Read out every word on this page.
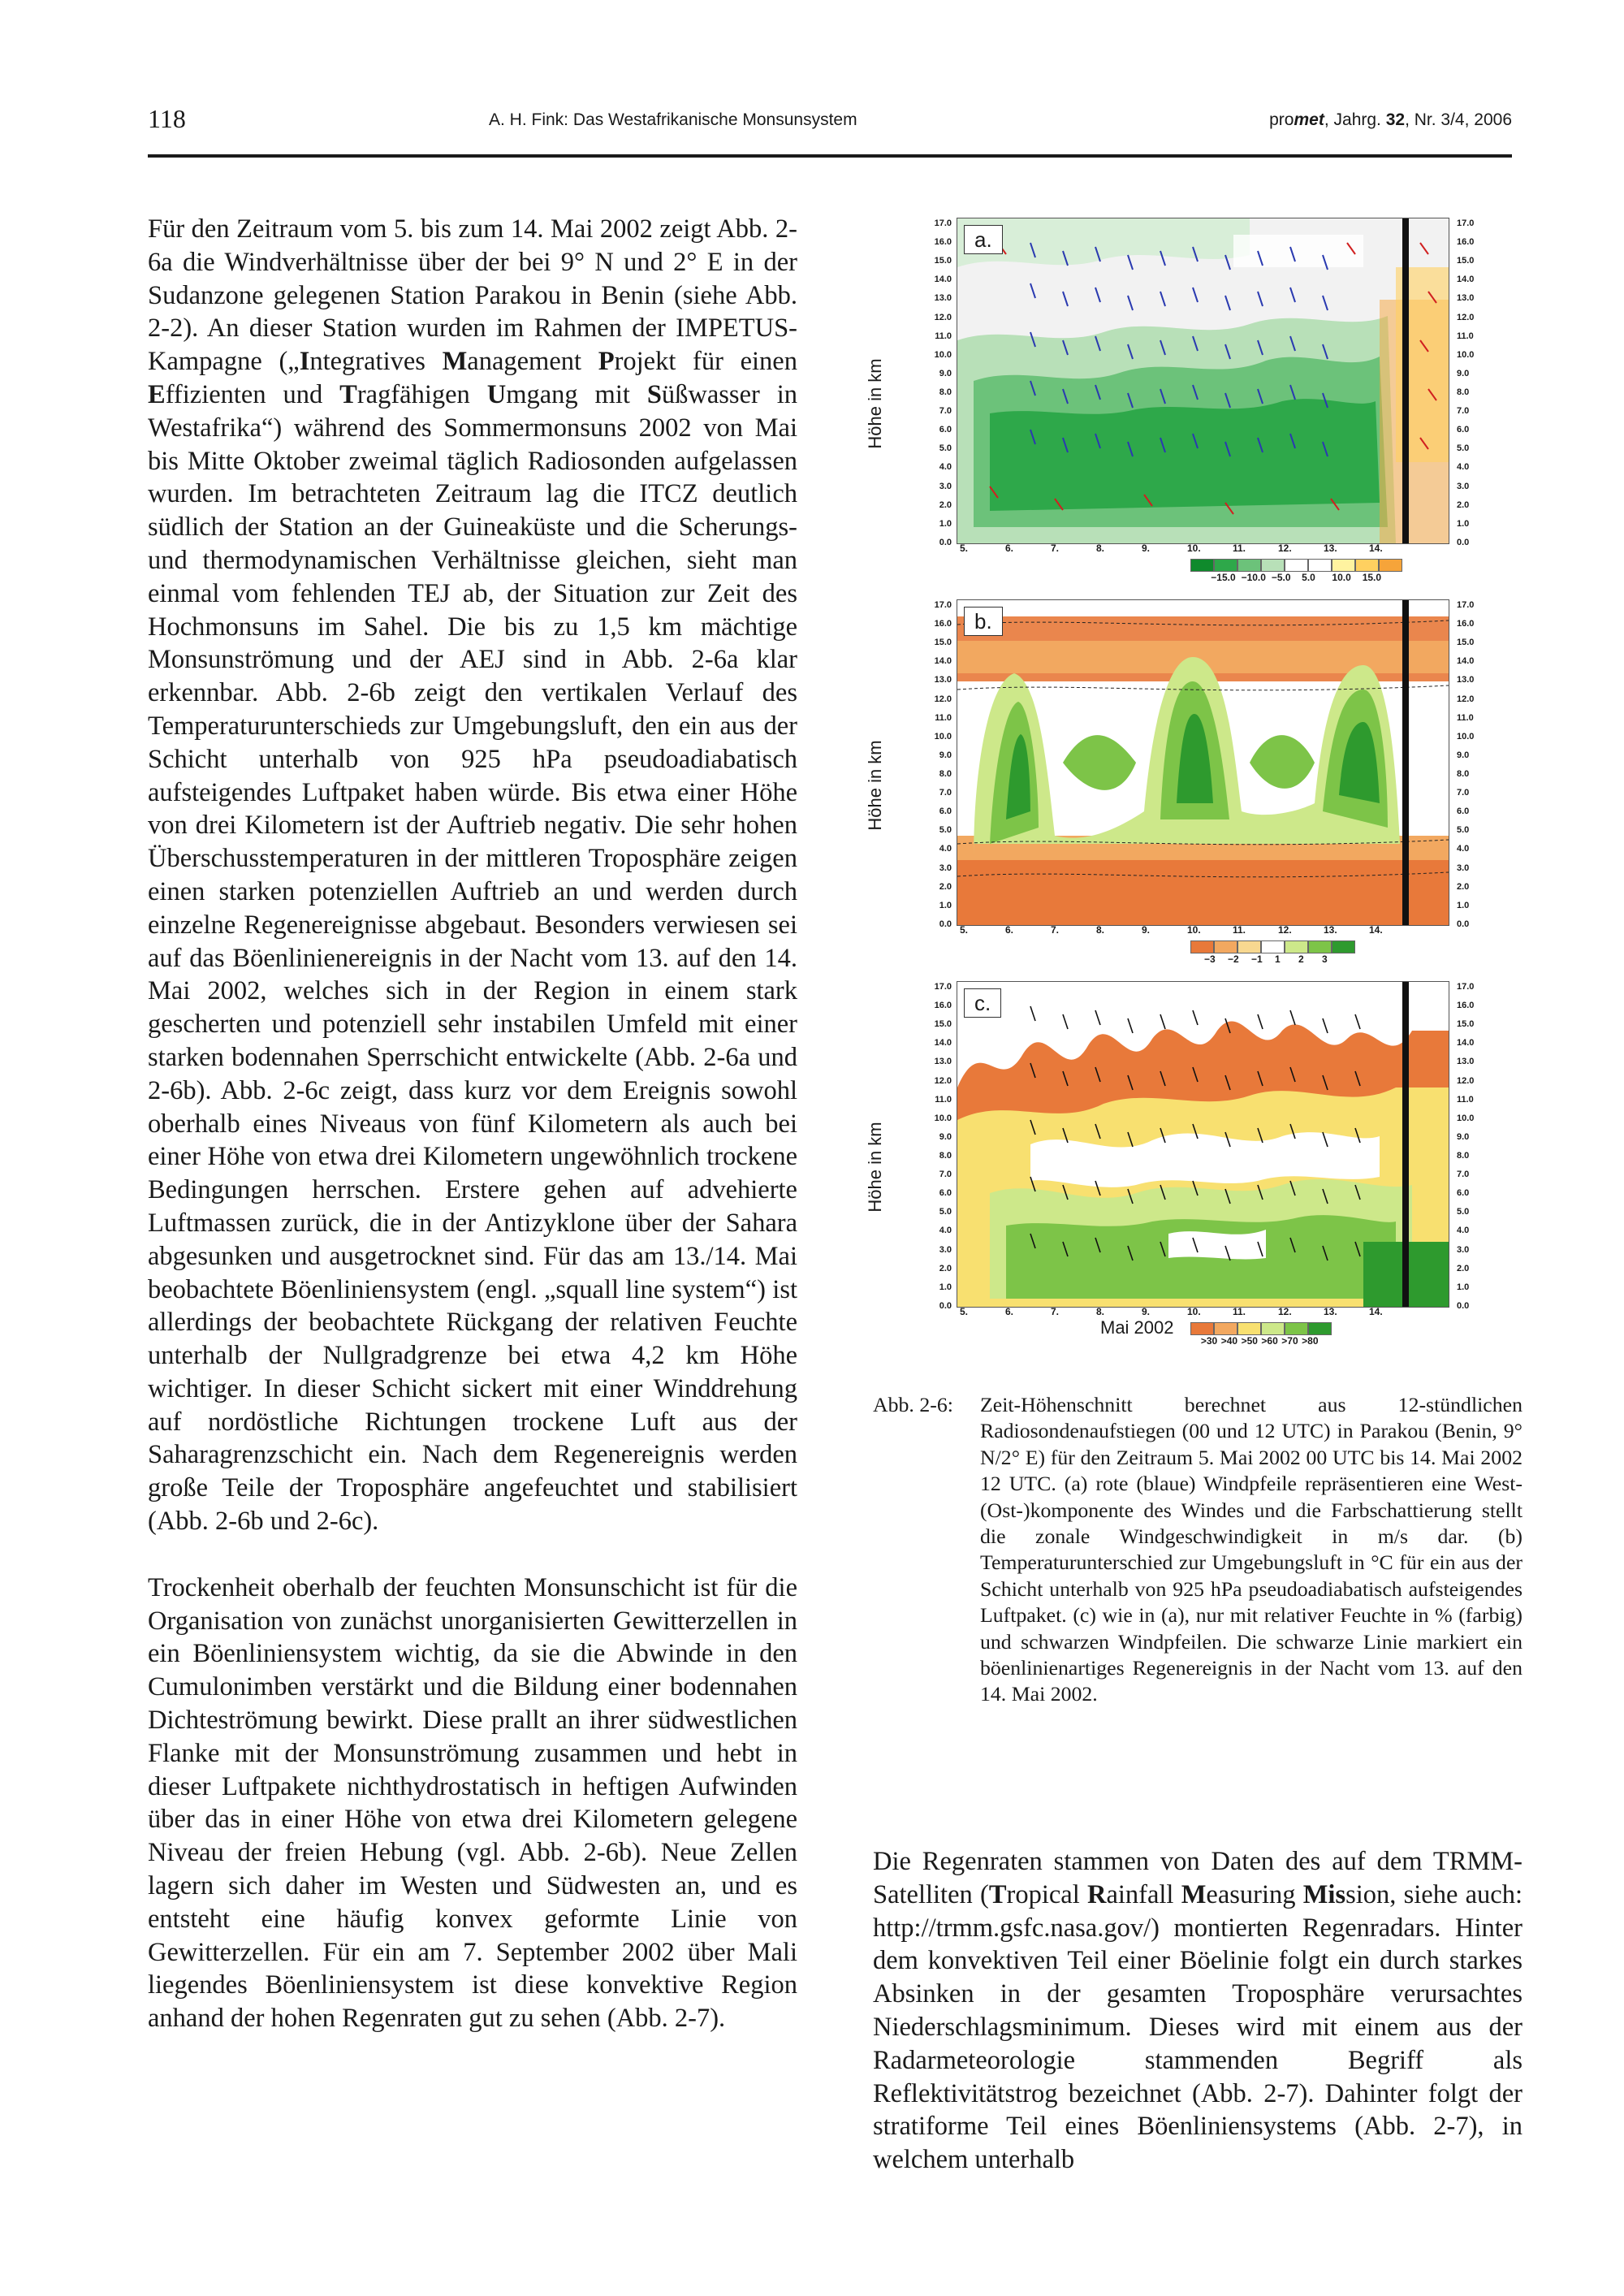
118	A. H. Fink: Das Westafrikanische Monsunsystem	promet, Jahrg. 32, Nr. 3/4, 2006

Für den Zeitraum vom 5. bis zum 14. Mai 2002 zeigt Abb. 2-6a die Windverhältnisse über der bei 9° N und 2° E in der Sudanzone gelegenen Station Parakou in Benin (siehe Abb. 2-2). An dieser Station wurden im Rahmen der IMPETUS-Kampagne („Integratives Management Projekt für einen Effizienten und Tragfähigen Umgang mit Süßwasser in Westafrika“) während des Sommermonsuns 2002 von Mai bis Mitte Oktober zweimal täglich Radiosonden aufgelassen wurden. Im betrachteten Zeitraum lag die ITCZ deutlich südlich der Station an der Guineaküste und die Scherungs- und thermodynamischen Verhältnisse gleichen, sieht man einmal vom fehlenden TEJ ab, der Situation zur Zeit des Hochmonsuns im Sahel. Die bis zu 1,5 km mächtige Monsunströmung und der AEJ sind in Abb. 2-6a klar erkennbar. Abb. 2-6b zeigt den vertikalen Verlauf des Temperaturunterschieds zur Umgebungsluft, den ein aus der Schicht unterhalb von 925 hPa pseudoadiabatisch aufsteigendes Luftpaket haben würde. Bis etwa einer Höhe von drei Kilometern ist der Auftrieb negativ. Die sehr hohen Überschusstemperaturen in der mittleren Troposphäre zeigen einen starken potenziellen Auftrieb an und werden durch einzelne Regenereignisse abgebaut. Besonders verwiesen sei auf das Böenlinienereignis in der Nacht vom 13. auf den 14. Mai 2002, welches sich in der Region in einem stark gescherten und potenziell sehr instabilen Umfeld mit einer starken bodennahen Sperrschicht entwickelte (Abb. 2-6a und 2-6b). Abb. 2-6c zeigt, dass kurz vor dem Ereignis sowohl oberhalb eines Niveaus von fünf Kilometern als auch bei einer Höhe von etwa drei Kilometern ungewöhnlich trockene Bedingungen herrschen. Erstere gehen auf advehierte Luftmassen zurück, die in der Antizyklone über der Sahara abgesunken und ausgetrocknet sind. Für das am 13./14. Mai beobachtete Böenliniensystem (engl. „squall line system“) ist allerdings der beobachtete Rückgang der relativen Feuchte unterhalb der Nullgradgrenze bei etwa 4,2 km Höhe wichtiger. In dieser Schicht sickert mit einer Winddrehung auf nordöstliche Richtungen trockene Luft aus der Saharagrenzschicht ein. Nach dem Regenereignis werden große Teile der Troposphäre angefeuchtet und stabilisiert (Abb. 2-6b und 2-6c).

Trockenheit oberhalb der feuchten Monsunschicht ist für die Organisation von zunächst unorganisierten Gewitterzellen in ein Böenliniensystem wichtig, da sie die Abwinde in den Cumulonimben verstärkt und die Bildung einer bodennahen Dichteströmung bewirkt. Diese prallt an ihrer südwestlichen Flanke mit der Monsunströmung zusammen und hebt in dieser Luftpakete nichthydrostatisch in heftigen Aufwinden über das in einer Höhe von etwa drei Kilometern gelegene Niveau der freien Hebung (vgl. Abb. 2-6b). Neue Zellen lagern sich daher im Westen und Südwesten an, und es entsteht eine häufig konvex geformte Linie von Gewitterzellen. Für ein am 7. September 2002 über Mali liegendes Böenliniensystem ist diese konvektive Region anhand der hohen Regenraten gut zu sehen (Abb. 2-7).

Höhe in km
17.0
16.0
15.0
14.0
13.0
12.0
11.0
10.0
9.0
8.0
7.0
6.0
5.0
4.0
3.0
2.0
1.0
0.0
a.
17.0
16.0
15.0
14.0
13.0
12.0
11.0
10.0
9.0
8.0
7.0
6.0
5.0
4.0
3.0
2.0
1.0
0.0
5.	6.	7.	8.	9.	10.	11.	12.	13.	14.
−15.0 −10.0 −5.0 5.0 10.0 15.0
Höhe in km
17.0
16.0
15.0
14.0
13.0
12.0
11.0
10.0
9.0
8.0
7.0
6.0
5.0
4.0
3.0
2.0
1.0
0.0
b.
17.0
16.0
15.0
14.0
13.0
12.0
11.0
10.0
9.0
8.0
7.0
6.0
5.0
4.0
3.0
2.0
1.0
0.0
5.	6.	7.	8.	9.	10.	11.	12.	13.	14.
−3 −2 −1 1 2 3
Höhe in km
17.0
16.0
15.0
14.0
13.0
12.0
11.0
10.0
9.0
8.0
7.0
6.0
5.0
4.0
3.0
2.0
1.0
0.0
c.
17.0
16.0
15.0
14.0
13.0
12.0
11.0
10.0
9.0
8.0
7.0
6.0
5.0
4.0
3.0
2.0
1.0
0.0
5.	6.	7.	8.	9.	10.	11.	12.	13.	14.
Mai 2002
>30 >40 >50 >60 >70 >80
Abb. 2-6: Zeit-Höhenschnitt berechnet aus 12-stündlichen Radiosondenaufstiegen (00 und 12 UTC) in Parakou (Benin, 9° N/2° E) für den Zeitraum 5. Mai 2002 00 UTC bis 14. Mai 2002 12 UTC. (a) rote (blaue) Windpfeile repräsentieren eine West- (Ost-)komponente des Windes und die Farbschattierung stellt die zonale Windgeschwindigkeit in m/s dar. (b) Temperaturunterschied zur Umgebungsluft in °C für ein aus der Schicht unterhalb von 925 hPa pseudoadiabatisch aufsteigendes Luftpaket. (c) wie in (a), nur mit relativer Feuchte in % (farbig) und schwarzen Windpfeilen. Die schwarze Linie markiert ein böenlinienartiges Regenereignis in der Nacht vom 13. auf den 14. Mai 2002.

Die Regenraten stammen von Daten des auf dem TRMM-Satelliten (Tropical Rainfall Measuring Mission, siehe auch: http://trmm.gsfc.nasa.gov/) montierten Regenradars. Hinter dem konvektiven Teil einer Böelinie folgt ein durch starkes Absinken in der gesamten Troposphäre verursachtes Niederschlagsminimum. Dieses wird mit einem aus der Radarmeteorologie stammenden Begriff als Reflektivitätstrog bezeichnet (Abb. 2-7). Dahinter folgt der stratiforme Teil eines Böenliniensystems (Abb. 2-7), in welchem unterhalb
